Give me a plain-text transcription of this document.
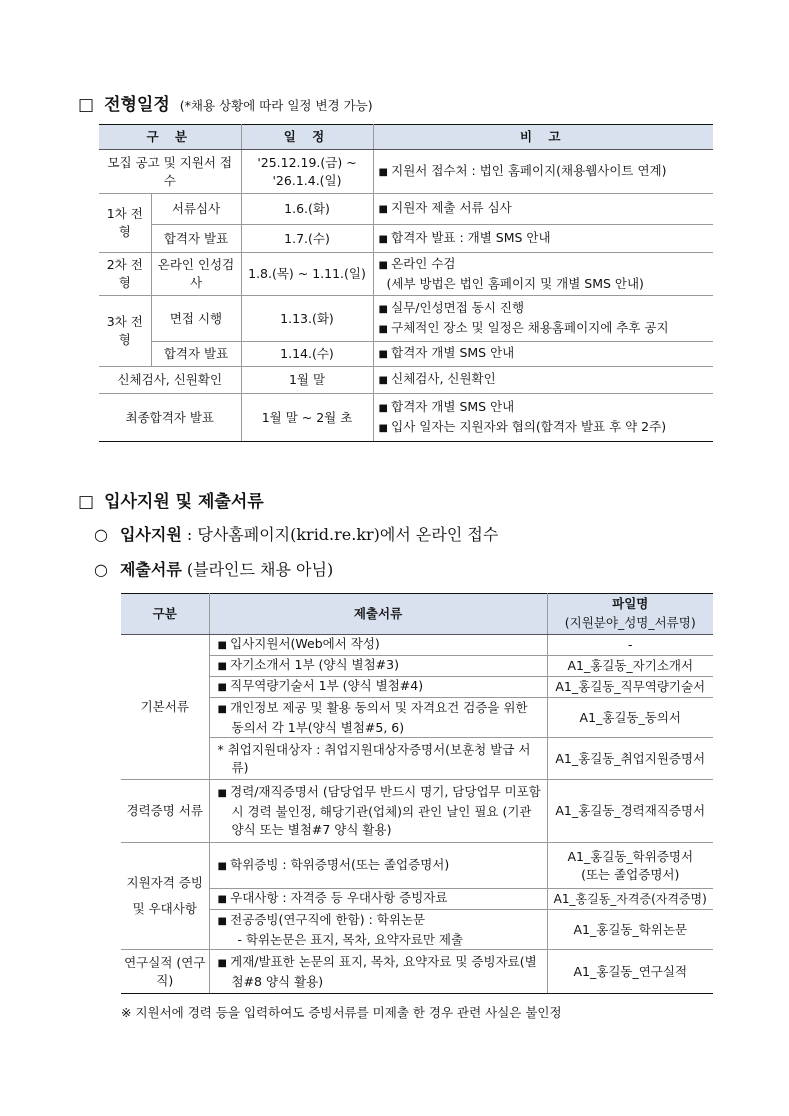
□ 전형일정 (*채용 상황에 따라 일정 변경 가능)
구 분		일 정	비 고
모집 공고 및 지원서 접수		'25.12.19.(금) ~ '26.1.4.(일)	■ 지원서 접수처 : 법인 홈페이지(채용웹사이트 연계)

1차 전형	서류심사	1.6.(화)	■ 지원자 제출 서류 심사

	합격자 발표	1.7.(수)	■ 합격자 발표 : 개별 SMS 안내

2차 전형	온라인 인성검사	1.8.(목) ~ 1.11.(일)	■ 온라인 수검
(세부 방법은 법인 홈페이지 및 개별 SMS 안내)

3차 전형	면접 시행	1.13.(화)	■ 실무/인성면접 동시 진행
■ 구체적인 장소 및 일정은 채용홈페이지에 추후 공지

	합격자 발표	1.14.(수)	■ 합격자 개별 SMS 안내

신체검사, 신원확인		1월 말	■ 신체검사, 신원확인

최종합격자 발표		1월 말 ~ 2월 초	■ 합격자 개별 SMS 안내
■ 입사 일자는 지원자와 협의(합격자 발표 후 약 2주)
□ 입사지원 및 제출서류
○ 입사지원 : 당사홈페이지(krid.re.kr)에서 온라인 접수
○ 제출서류 (블라인드 채용 아님)
구분	제출서류	파일명
(지원분야_성명_서류명)
기본서류	■ 입사지원서(Web에서 작성)	-

	■ 자기소개서 1부 (양식 별첨#3)	A1_홍길동_자기소개서

	■ 직무역량기술서 1부 (양식 별첨#4)	A1_홍길동_직무역량기술서

	■ 개인정보 제공 및 활용 동의서 및 자격요건 검증을 위한 동의서 각 1부(양식 별첨#5, 6)	A1_홍길동_동의서

	* 취업지원대상자 : 취업지원대상자증명서(보훈청 발급 서류)	A1_홍길동_취업지원증명서
경력증명 서류	■ 경력/재직증명서 (담당업무 반드시 명기, 담당업무 미포함시 경력 불인정, 해당기관(업체)의 관인 날인 필요 (기관양식 또는 별첨#7 양식 활용)	A1_홍길동_경력재직증명서
지원자격 증빙 및 우대사항	■ 학위증빙 : 학위증명서(또는 졸업증명서)	A1_홍길동_학위증명서
(또는 졸업증명서)

	■ 우대사항 : 자격증 등 우대사항 증빙자료	A1_홍길동_자격증(자격증명)

	■ 전공증빙(연구직에 한함) : 학위논문
- 학위논문은 표지, 목차, 요약자료만 제출	A1_홍길동_학위논문
연구실적 (연구직)	■ 게재/발표한 논문의 표지, 목차, 요약자료 및 증빙자료(별첨#8 양식 활용)	A1_홍길동_연구실적
※ 지원서에 경력 등을 입력하여도 증빙서류를 미제출 한 경우 관련 사실은 불인정
